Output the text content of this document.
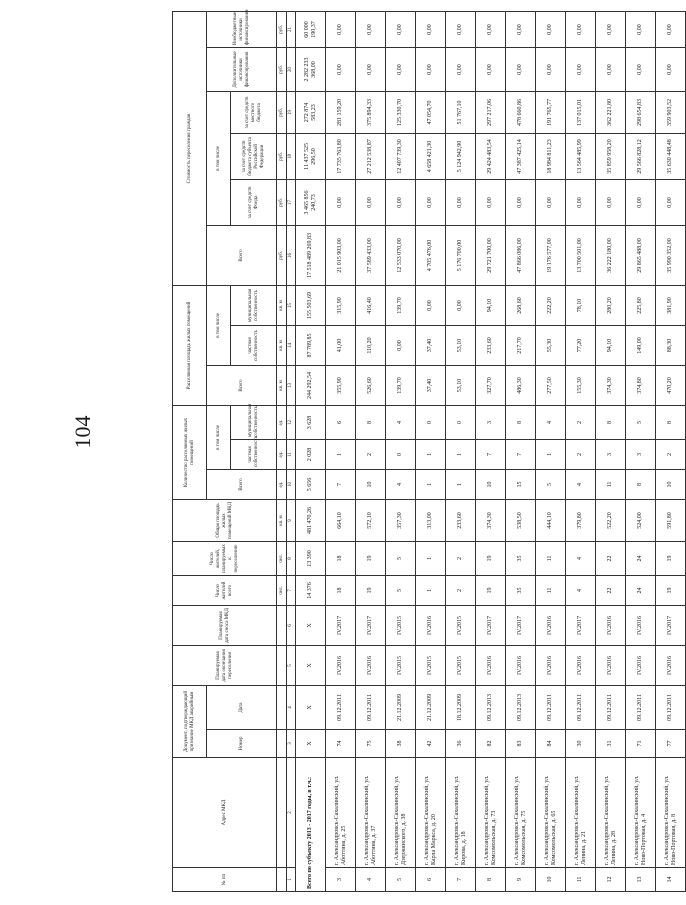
104
№ пп	Адрес МКД	Документ, подтверждающий признание МКД аварийным		Планируемая дата окончания переселения	Планируемая дата сноса МКД	Число жителей всего	Число жителей, планируемых к переселению	Общая площадь жилых помещений МКД	Количество расселяемых жилых помещений			Расселяемая площадь жилых помещений			Стоимость переселения граждан					
		Номер	Дата						Всего	в том числе		Всего	в том числе		Всего	в том числе			Дополнительные источники финансирования	Внебюджетные источники финансирования
										частная собственность	муниципальная собственность		частная собственность	муниципальная собственность		за счет средств Фонда	за счет средств бюджета субъекта Российской Федерации	за счет средств местного бюджета		
						чел.	чел.	кв. м	ед.	ед.	ед.	кв. м	кв. м	кв. м	руб.	руб.	руб.	руб.	руб.	руб.
1	2	3	4	5	6	7	8	9	10	11	12	13	14	15	16	17	18	19	20	21
Всего по субъекту 2013 - 2017 годы, в т.ч.:		X	X	X	X	14 376	13 390	481 470,26	5 656	2 028	3 628	244 292,54	87 789,85	155 503,69	17 518 489 269,83	3 465 856 240,73	11 437 525 296,50	272 874 583,23	2 282 233 368,00	60 000 190,37
3	г. Александровск-Сахалинский, ул. Аботтина, д. 25	74	09.12.2011	IV.2016	IV.2017	18	18	664,10	7	1	6	355,90	41,00	315,90	21 015 903,00	0,00	17 735 763,80	281 159,20	0,00	0,00
4	г. Александровск-Сахалинский, ул. Аботтина, д. 37	75	09.12.2011	IV.2016	IV.2017	19	19	572,10	10	2	8	526,60	110,20	416,40	37 589 433,00	0,00	27 212 538,87	375 894,33	0,00	0,00
5	г. Александровск-Сахалинский, ул. Дзержинского, д. 38	38	21.12.2009	IV.2015	IV.2015	5	5	357,30	4	0	4	139,70	0,00	139,70	12 533 070,00	0,00	12 407 739,30	125 330,70	0,00	0,00
6	г. Александровск-Сахалинский, ул. Карла Маркса, д. 20	42	21.12.2009	IV.2015	IV.2016	1	1	313,00	1	1	0	37,40	37,40	0,00	4 705 476,00	0,00	4 658 421,30	47 054,70	0,00	0,00
7	г. Александровск-Сахалинский, ул. Кирова, д. 18	36	18.12.2009	IV.2015	IV.2015	2	2	233,60	1	1	0	53,10	53,10	0,00	5 176 700,00	0,00	5 124 942,90	51 767,10	0,00	0,00
8	г. Александровск-Сахалинский, ул. Комсомольская, д. 73	82	09.12.2013	IV.2016	IV.2017	19	19	374,30	10	7	3	327,70	233,60	94,10	29 721 700,00	0,00	29 424 483,54	297 217,06	0,00	0,00
9	г. Александровск-Сахалинский, ул. Комсомольская, д. 75	83	09.12.2013	IV.2016	IV.2017	35	35	538,50	15	7	8	486,30	217,70	268,60	47 866 086,00	0,00	47 387 425,14	478 660,86	0,00	0,00
10	г. Александровск-Сахалинский, ул. Комсомольская, д. 65	84	09.12.2011	IV.2016	IV.2016	11	11	444,10	5	1	4	277,50	55,30	222,20	19 176 577,00	0,00	18 984 811,23	191 765,77	0,00	0,00
11	г. Александровск-Сахалинский, ул. Ленина, д. 21	30	09.12.2011	IV.2016	IV.2017	4	4	379,80	4	2	2	155,30	77,20	78,10	13 700 501,00	0,00	13 564 485,99	137 015,01	0,00	0,00
12	г. Александровск-Сахалинский, ул. Ленина, д. 28	31	09.12.2011	IV.2016	IV.2016	22	22	522,20	11	3	8	374,30	94,10	280,20	36 222 180,00	0,00	35 859 958,20	362 221,80	0,00	0,00
13	г. Александровск-Сахалинский, ул. Ново-Портовая, д. 4	71	09.12.2011	IV.2016	IV.2016	24	24	524,00	8	3	5	374,80	149,00	225,80	29 865 488,00	0,00	29 566 828,12	298 654,83	0,00	0,00
14	г. Александровск-Сахалинский, ул. Ново-Портовая, д. 8	77	09.12.2011	IV.2016	IV.2017	19	19	591,80	10	2	8	470,20	88,30	381,90	35 990 352,00	0,00	35 630 448,48	359 903,52	0,00	0,00
